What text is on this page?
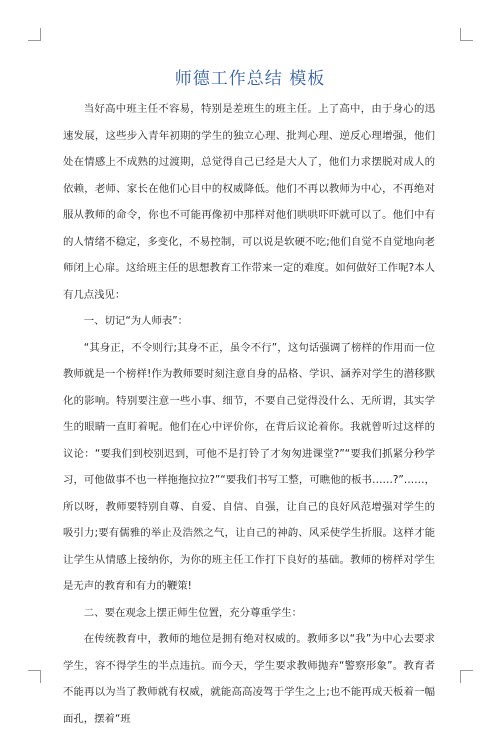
师德工作总结 模板

当好高中班主任不容易，特别是差班生的班主任。上了高中，由于身心的迅速发展，这些步入青年初期的学生的独立心理、批判心理、逆反心理增强，他们处在情感上不成熟的过渡期，总觉得自己已经是大人了，他们力求摆脱对成人的依赖，老师、家长在他们心目中的权威降低。他们不再以教师为中心，不再绝对服从教师的命令，你也不可能再像初中那样对他们哄哄吓吓就可以了。他们中有的人情绪不稳定，多变化，不易控制，可以说是软硬不吃;他们自觉不自觉地向老师闭上心扉。这给班主任的思想教育工作带来一定的难度。如何做好工作呢?本人有几点浅见：

一、切记“为人师表”：

“其身正，不令则行;其身不正，虽令不行”，这句话强调了榜样的作用而一位教师就是一个榜样!作为教师要时刻注意自身的品格、学识、涵养对学生的潜移默化的影响。特别要注意一些小事、细节，不要自己觉得没什么、无所谓，其实学生的眼睛一直盯着呢。他们在心中评价你，在背后议论着你。我就曾听过这样的议论：“要我们到校别迟到，可他不是打铃了才匆匆进课堂?”“要我们抓紧分秒学习，可他做事不也一样拖拖拉拉?”“要我们书写工整，可瞧他的板书……?”……，所以呀，教师要特别自尊、自爱、自信、自强，让自己的良好风范增强对学生的吸引力;要有儒雅的举止及浩然之气，让自己的神韵、风采使学生折服。这样才能让学生从情感上接纳你，为你的班主任工作打下良好的基础。教师的榜样对学生是无声的教育和有力的鞭策!

二、要在观念上摆正师生位置，充分尊重学生：

在传统教育中，教师的地位是拥有绝对权威的。教师多以“我”为中心去要求学生，容不得学生的半点违抗。而今天，学生要求教师抛弃“警察形象”。教育者不能再以为当了教师就有权威，就能高高凌驾于学生之上;也不能再成天板着一幅面孔，摆着“班
